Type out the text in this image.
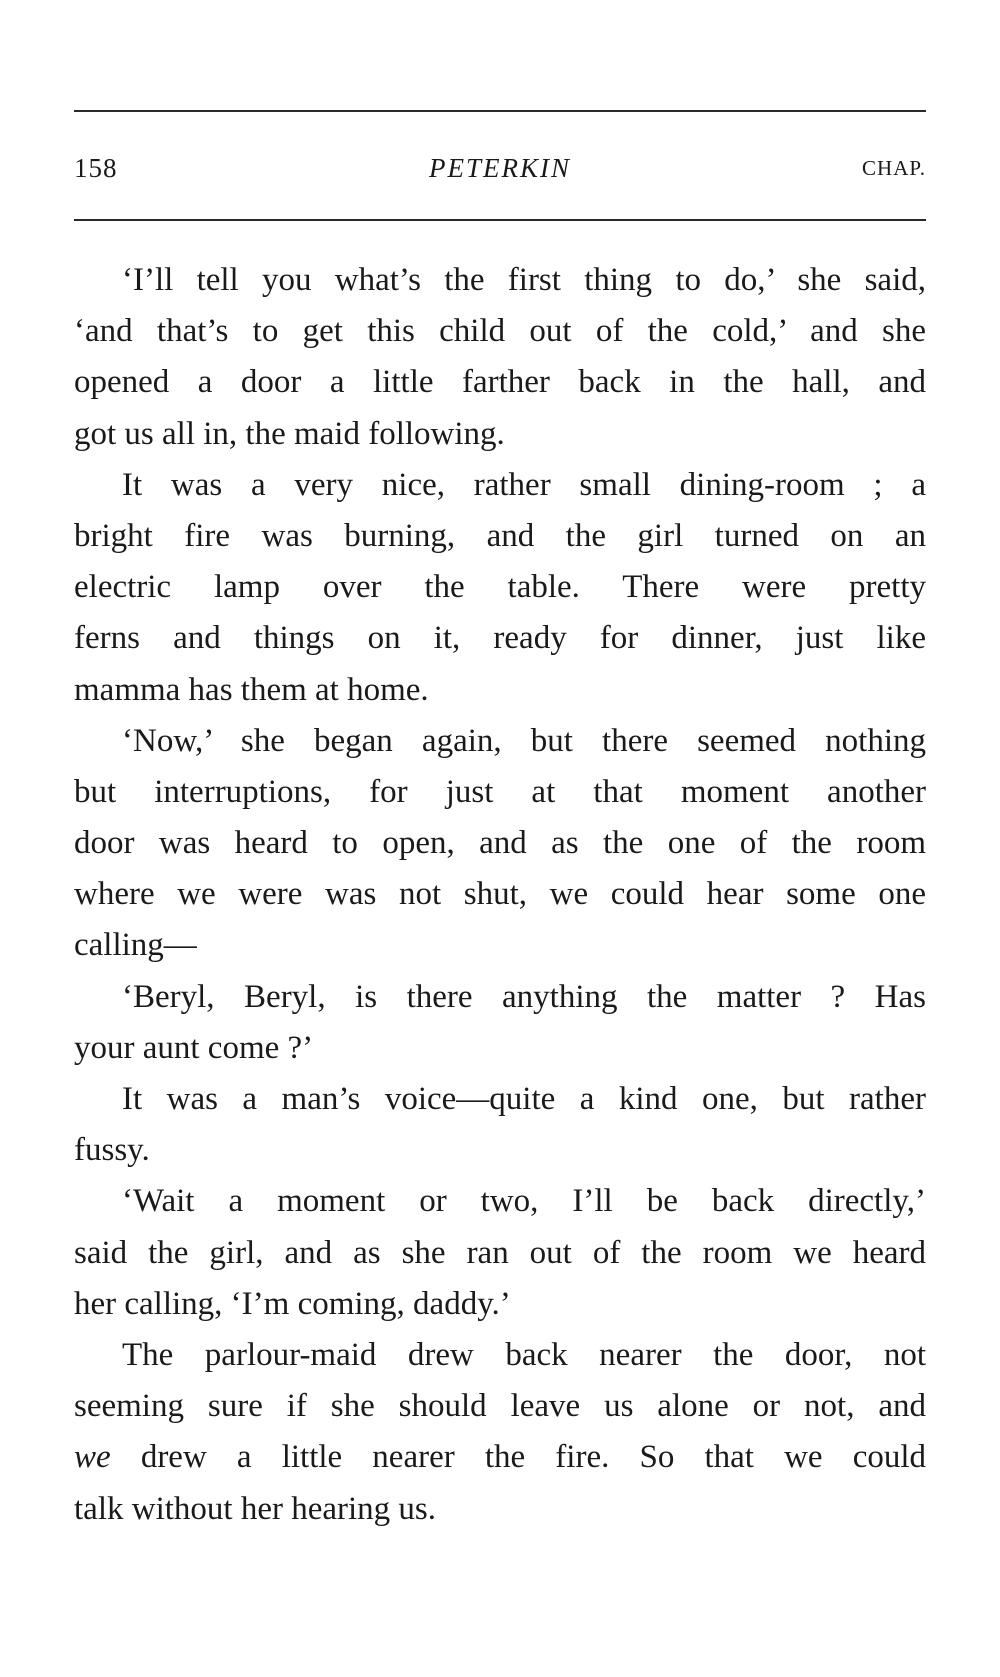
158	PETERKIN	CHAP.
‘I’ll tell you what’s the first thing to do,’ she said,
‘and that’s to get this child out of the cold,’ and she
opened a door a little farther back in the hall, and
got us all in, the maid following.
It was a very nice, rather small dining-room ; a
bright fire was burning, and the girl turned on an
electric lamp over the table. There were pretty
ferns and things on it, ready for dinner, just like
mamma has them at home.
‘Now,’ she began again, but there seemed nothing
but interruptions, for just at that moment another
door was heard to open, and as the one of the room
where we were was not shut, we could hear some one
calling—
‘Beryl, Beryl, is there anything the matter ? Has
your aunt come ?’
It was a man’s voice—quite a kind one, but rather
fussy.
‘Wait a moment or two, I’ll be back directly,’
said the girl, and as she ran out of the room we heard
her calling, ‘I’m coming, daddy.’
The parlour-maid drew back nearer the door, not
seeming sure if she should leave us alone or not, and
we drew a little nearer the fire. So that we could
talk without her hearing us.
